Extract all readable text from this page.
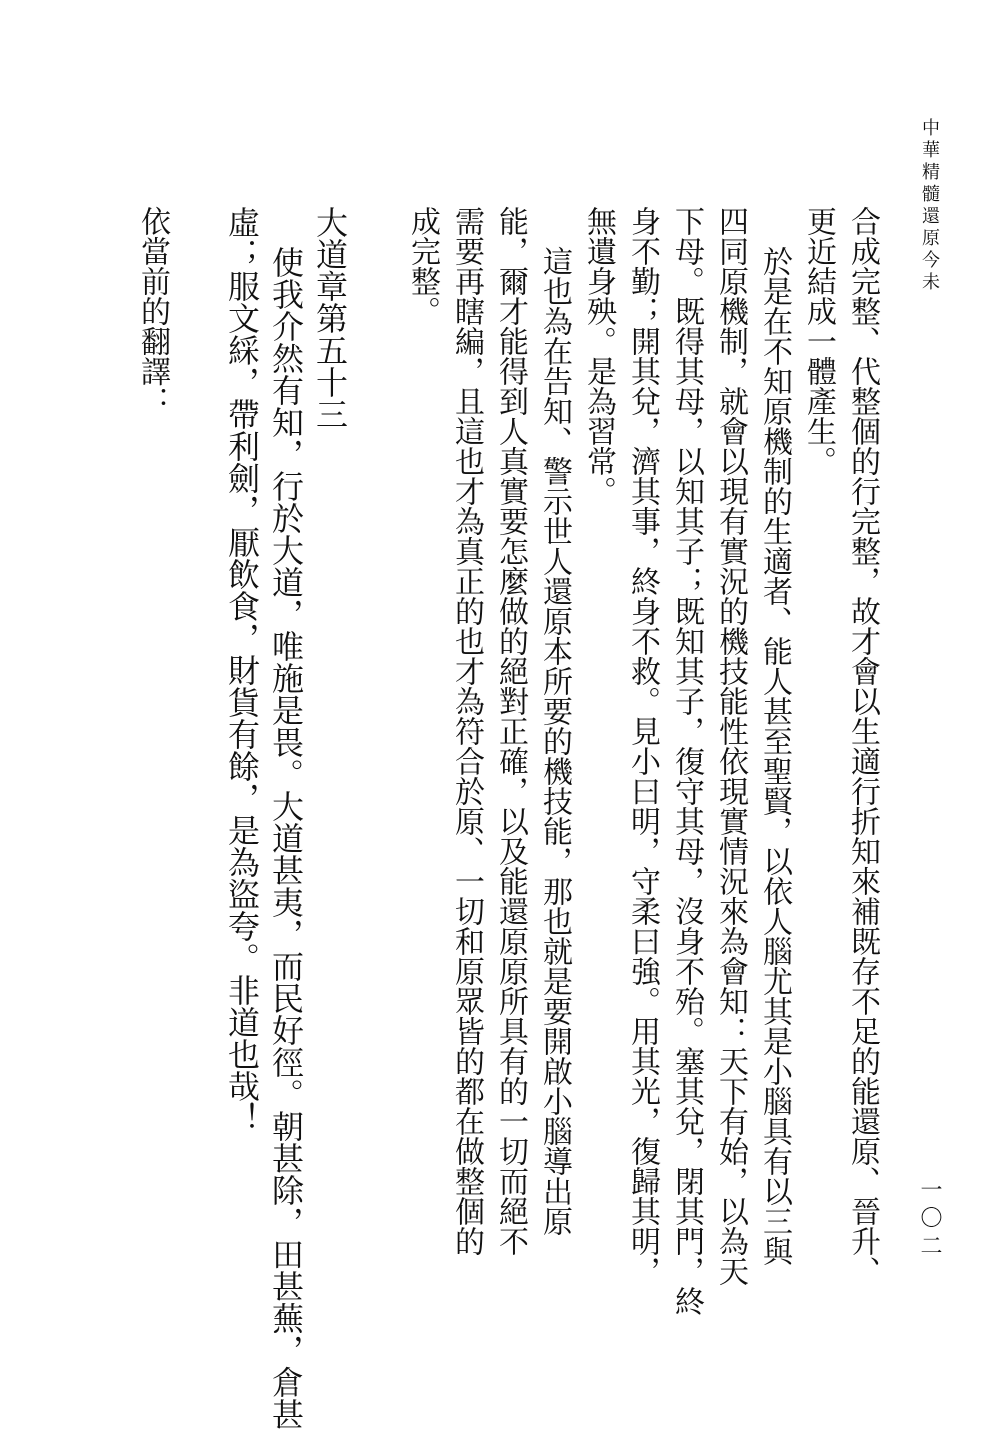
中華精髓還原今未
一〇二
合成完整、代整個的行完整，故才會以生適行折知來補既存不足的能還原、晉升、
更近結成一體產生。
於是在不知原機制的生適者、能人甚至聖賢，以依人腦尤其是小腦具有以三與
四同原機制，就會以現有實況的機技能性依現實情況來為會知：天下有始，以為天
下母。既得其母，以知其子；既知其子，復守其母，沒身不殆。塞其兌，閉其門，終
身不勤；開其兌，濟其事，終身不救。見小曰明，守柔曰強。用其光，復歸其明，
無遺身殃。是為習常。
這也為在告知、警示世人還原本所要的機技能，那也就是要開啟小腦導出原
能，爾才能得到人真實要怎麼做的絕對正確，以及能還原原所具有的一切而絕不
需要再瞎編，且這也才為真正的也才為符合於原、一切和原眾皆的都在做整個的
成完整。
大道章第五十三
使我介然有知，行於大道，唯施是畏。大道甚夷，而民好徑。朝甚除，田甚蕪，倉甚
虛；服文綵，帶利劍，厭飲食，財貨有餘，是為盜夸。非道也哉！
依當前的翻譯：
